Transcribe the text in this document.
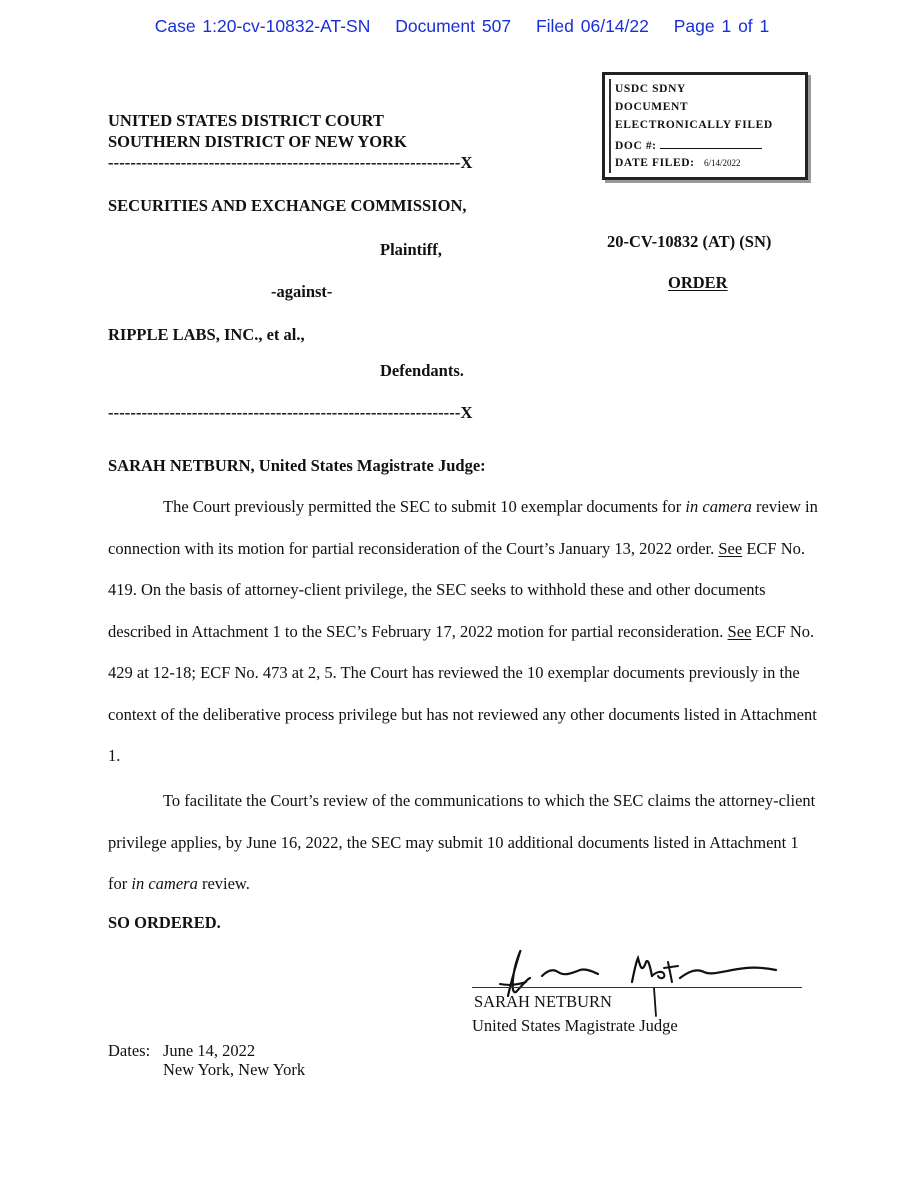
Case 1:20-cv-10832-AT-SN Document 507 Filed 06/14/22 Page 1 of 1
UNITED STATES DISTRICT COURT
SOUTHERN DISTRICT OF NEW YORK
---------------------------------------------------------------X
USDC SDNY
DOCUMENT
ELECTRONICALLY FILED
DOC #:
DATE FILED: 6/14/2022
SECURITIES AND EXCHANGE COMMISSION,
Plaintiff,
-against-
RIPPLE LABS, INC., et al.,
Defendants.
---------------------------------------------------------------X
20-CV-10832 (AT) (SN)
ORDER
SARAH NETBURN, United States Magistrate Judge:

The Court previously permitted the SEC to submit 10 exemplar documents for in camera review in connection with its motion for partial reconsideration of the Court’s January 13, 2022 order. See ECF No. 419. On the basis of attorney-client privilege, the SEC seeks to withhold these and other documents described in Attachment 1 to the SEC’s February 17, 2022 motion for partial reconsideration. See ECF No. 429 at 12-18; ECF No. 473 at 2, 5. The Court has reviewed the 10 exemplar documents previously in the context of the deliberative process privilege but has not reviewed any other documents listed in Attachment 1.

To facilitate the Court’s review of the communications to which the SEC claims the attorney-client privilege applies, by June 16, 2022, the SEC may submit 10 additional documents listed in Attachment 1 for in camera review.

SO ORDERED.
SARAH NETBURN
United States Magistrate Judge
Dates: June 14, 2022
New York, New York
